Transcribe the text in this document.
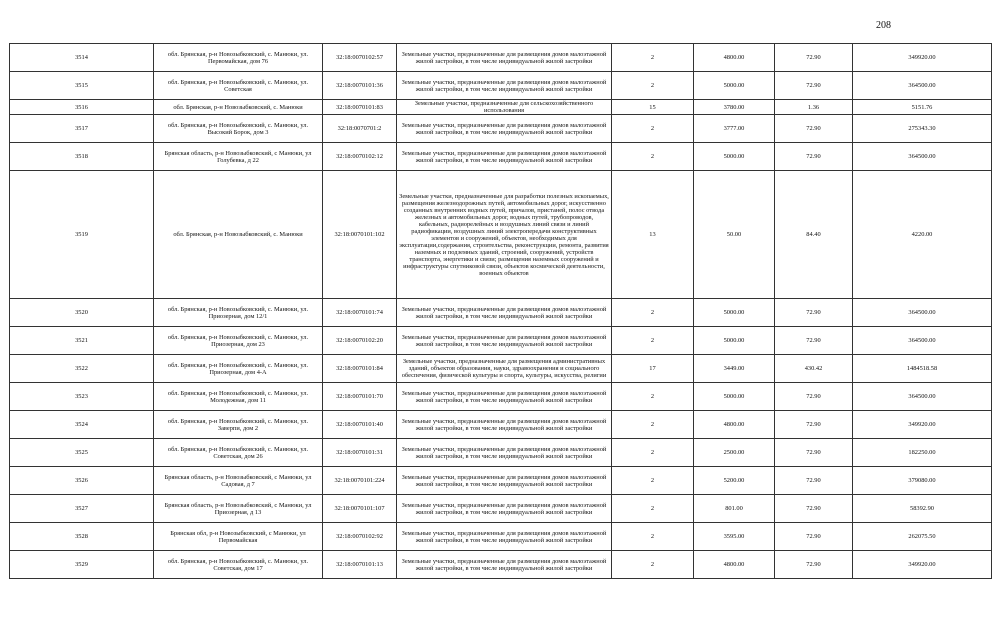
208
3514	обл. Брянская, р-н Новозыбковский, с. Манюки, ул. Первомайская, дом 76	32:18:0070102:57	Земельные участки, предназначенные для размещения домов малоэтажной жилой застройки, в том числе индивидуальной жилой застройки	2	4800.00	72.90	349920.00
3515	обл. Брянская, р-н Новозыбковский, с. Манюки, ул. Советская	32:18:0070101:36	Земельные участки, предназначенные для размещения домов малоэтажной жилой застройки, в том числе индивидуальной жилой застройки	2	5000.00	72.90	364500.00
3516	обл. Брянская, р-н Новозыбковский, с. Манюки	32:18:0070101:83	Земельные участки, предназначенные для сельскохозяйственного использования	15	3780.00	1.36	5151.76
3517	обл. Брянская, р-н Новозыбковский, с. Манюки, ул. Высокий Борок, дом 3	32:18:0070701:2	Земельные участки, предназначенные для размещения домов малоэтажной жилой застройки, в том числе индивидуальной жилой застройки	2	3777.00	72.90	275343.30
3518	Брянская область, р-н Новозыбковский, с Манюки, ул Голубевка, д 22	32:18:0070102:12	Земельные участки, предназначенные для размещения домов малоэтажной жилой застройки, в том числе индивидуальной жилой застройки	2	5000.00	72.90	364500.00
3519	обл. Брянская, р-н Новозыбковский, с. Манюки	32:18:0070101:102	Земельные участки, предназначенные для разработки полезных ископаемых, размещения железнодорожных путей, автомобильных дорог, искусственно созданных внутренних водных путей, причалов, пристаней, полос отвода железных и автомобильных дорог, водных путей, трубопроводов, кабельных, радиорелейных и воздушных линий связи и линий радиофикации, воздушных линий электропередачи конструктивных элементов и сооружений, объектов, необходимых для эксплуатации,содержания, строительства, реконструкции, ремонта, развития наземных и подземных зданий, строений, сооружений, устройств транспорта, энергетики и связи; размещения наземных сооружений и инфраструктуры спутниковой связи, объектов космической деятельности, военных объектов	13	50.00	84.40	4220.00
3520	обл. Брянская, р-н Новозыбковский, с. Манюки, ул. Приозерная, дом 12/1	32:18:0070101:74	Земельные участки, предназначенные для размещения домов малоэтажной жилой застройки, в том числе индивидуальной жилой застройки	2	5000.00	72.90	364500.00
3521	обл. Брянская, р-н Новозыбковский, с. Манюки, ул. Приозерная, дом 23	32:18:0070102:20	Земельные участки, предназначенные для размещения домов малоэтажной жилой застройки, в том числе индивидуальной жилой застройки	2	5000.00	72.90	364500.00
3522	обл. Брянская, р-н Новозыбковский, с. Манюки, ул. Приозерная, дом 4-А	32:18:0070101:84	Земельные участки, предназначенные для размещения административных зданий, объектов образования, науки, здравоохранения и социального обеспечения, физической культуры и спорта, культуры, искусства, религии	17	3449.00	430.42	1484518.58
3523	обл. Брянская, р-н Новозыбковский, с. Манюки, ул. Молодежная, дом 11	32:18:0070101:70	Земельные участки, предназначенные для размещения домов малоэтажной жилой застройки, в том числе индивидуальной жилой застройки	2	5000.00	72.90	364500.00
3524	обл. Брянская, р-н Новозыбковский, с. Манюки, ул. Заверпи, дом 2	32:18:0070101:40	Земельные участки, предназначенные для размещения домов малоэтажной жилой застройки, в том числе индивидуальной жилой застройки	2	4800.00	72.90	349920.00
3525	обл. Брянская, р-н Новозыбковский, с. Манюки, ул. Советская, дом 26	32:18:0070101:31	Земельные участки, предназначенные для размещения домов малоэтажной жилой застройки, в том числе индивидуальной жилой застройки	2	2500.00	72.90	182250.00
3526	Брянская область, р-н Новозыбковский, с Манюки, ул Садовая, д 7	32:18:0070101:224	Земельные участки, предназначенные для размещения домов малоэтажной жилой застройки, в том числе индивидуальной жилой застройки	2	5200.00	72.90	379080.00
3527	Брянская область, р-н Новозыбковский, с Манюки, ул Приозерная, д 13	32:18:0070101:107	Земельные участки, предназначенные для размещения домов малоэтажной жилой застройки, в том числе индивидуальной жилой застройки	2	801.00	72.90	58392.90
3528	Брянская обл, р-н Новозыбковский, с Манюки, ул Первомайская	32:18:0070102:92	Земельные участки, предназначенные для размещения домов малоэтажной жилой застройки, в том числе индивидуальной жилой застройки	2	3595.00	72.90	262075.50
3529	обл. Брянская, р-н Новозыбковский, с. Манюки, ул. Советская, дом 17	32:18:0070101:13	Земельные участки, предназначенные для размещения домов малоэтажной жилой застройки, в том числе индивидуальной жилой застройки	2	4800.00	72.90	349920.00
